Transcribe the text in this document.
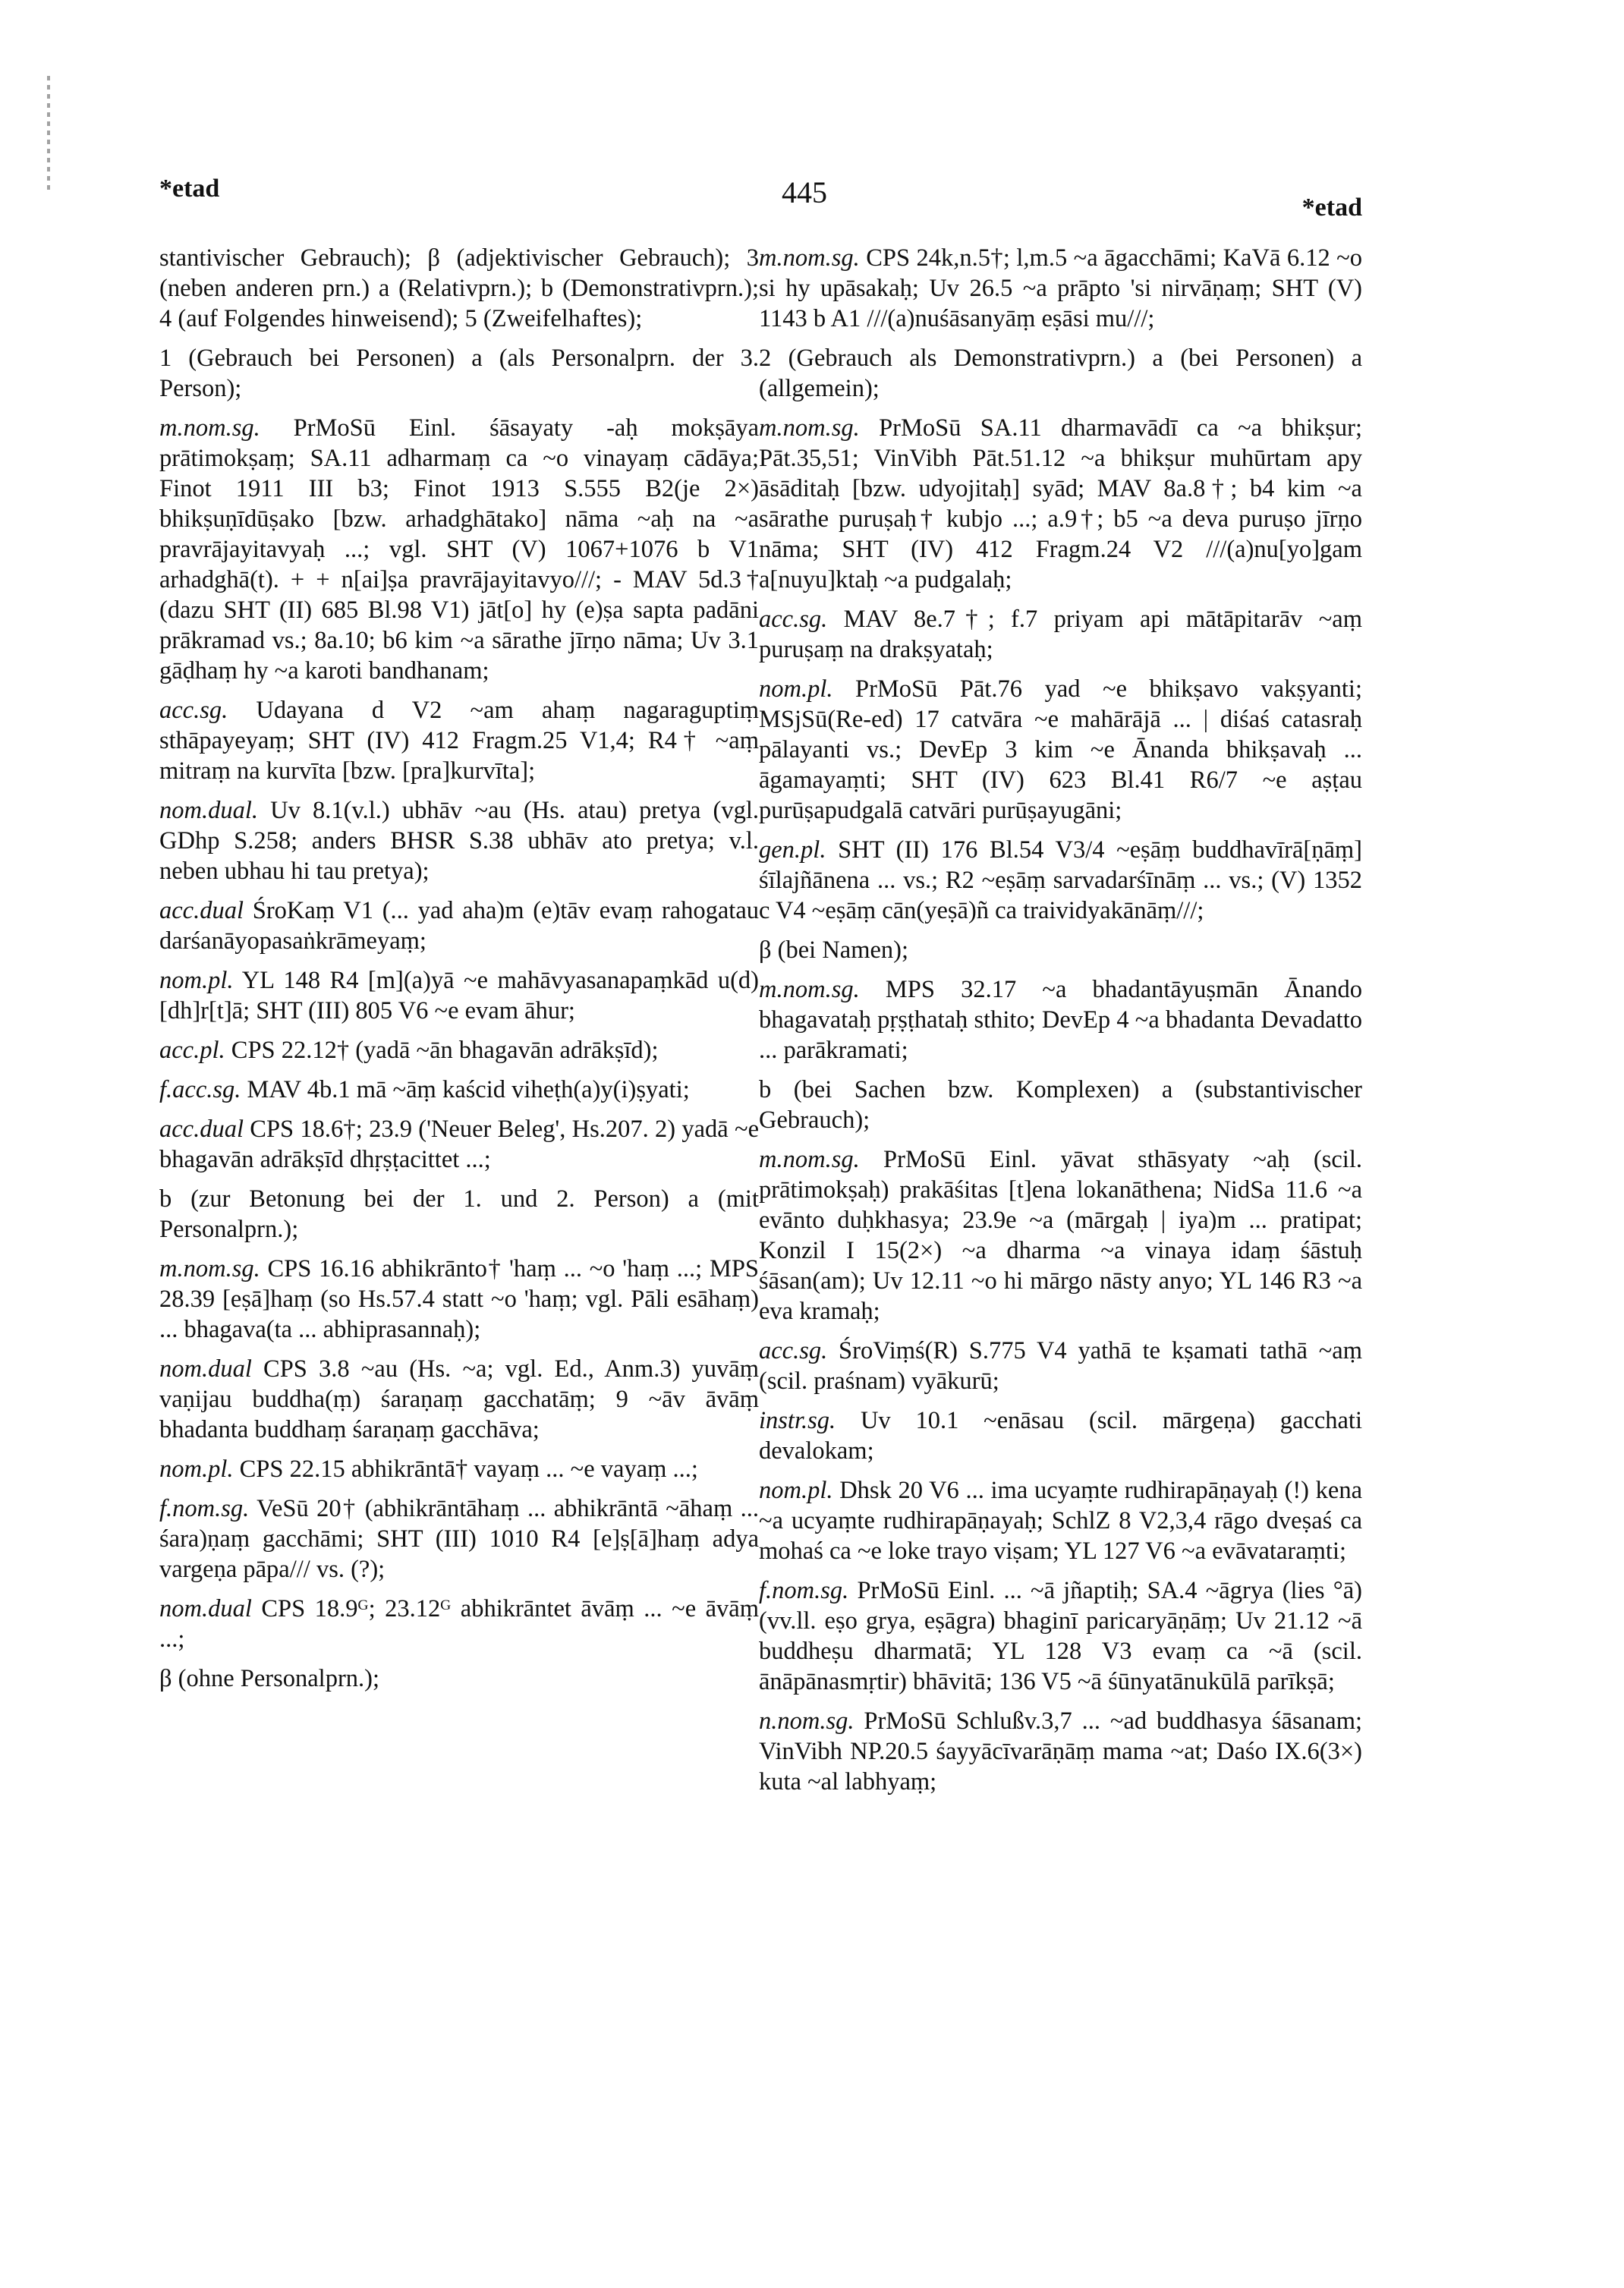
*etad	445	*etad

stantivischer Gebrauch); β (adjektivischer Gebrauch); 3 (neben anderen prn.) a (Relativprn.); b (Demonstrativprn.); 4 (auf Folgendes hinweisend); 5 (Zweifelhaftes);

1 (Gebrauch bei Personen) a (als Personalprn. der 3. Person);

m.nom.sg. PrMoSū Einl. śāsayaty -aḥ mokṣāya prātimokṣaṃ; SA.11 adharmaṃ ca ~o vinayaṃ cādāya; Finot 1911 III b3; Finot 1913 S.555 B2(je 2×) bhikṣuṇīdūṣako [bzw. arhadghātako] nāma ~aḥ na ~a pravrājayitavyaḥ ...; vgl. SHT (V) 1067+1076 b V1 arhadghā(t). + + n[ai]ṣa pravrājayitavyo///; - MAV 5d.3† (dazu SHT (II) 685 Bl.98 V1) jāt[o] hy (e)ṣa sapta padāni prākramad vs.; 8a.10; b6 kim ~a sārathe jīrṇo nāma; Uv 3.1 gāḍhaṃ hy ~a karoti bandhanam;

acc.sg. Udayana d V2 ~am ahaṃ nagaraguptiṃ sthāpayeyaṃ; SHT (IV) 412 Fragm.25 V1,4; R4† ~aṃ mitraṃ na kurvīta [bzw. [pra]kurvīta];

nom.dual. Uv 8.1(v.l.) ubhāv ~au (Hs. atau) pretya (vgl. GDhp S.258; anders BHSR S.38 ubhāv ato pretya; v.l. neben ubhau hi tau pretya);

acc.dual ŚroKaṃ V1 (... yad aha)m (e)tāv evaṃ rahogatau darśanāyopasaṅkrāmeyaṃ;

nom.pl. YL 148 R4 [m](a)yā ~e mahāvyasanapaṃkād u(d)[dh]r[t]ā; SHT (III) 805 V6 ~e evam āhur;

acc.pl. CPS 22.12† (yadā ~ān bhagavān adrākṣīd);

f.acc.sg. MAV 4b.1 mā ~āṃ kaścid viheṭh(a)y(i)ṣyati;

acc.dual CPS 18.6†; 23.9 ('Neuer Beleg', Hs.207. 2) yadā ~e bhagavān adrākṣīd dhṛṣṭacittet ...;

b (zur Betonung bei der 1. und 2. Person) a (mit Personalprn.);

m.nom.sg. CPS 16.16 abhikrānto† 'haṃ ... ~o 'haṃ ...; MPS 28.39 [eṣā]haṃ (so Hs.57.4 statt ~o 'haṃ; vgl. Pāli esāhaṃ) ... bhagava(ta ... abhiprasannaḥ);

nom.dual CPS 3.8 ~au (Hs. ~a; vgl. Ed., Anm.3) yuvāṃ vaṇijau buddha(ṃ) śaraṇaṃ gacchatāṃ; 9 ~āv āvāṃ bhadanta buddhaṃ śaraṇaṃ gacchāva;

nom.pl. CPS 22.15 abhikrāntā† vayaṃ ... ~e vayaṃ ...;

f.nom.sg. VeSū 20† (abhikrāntāhaṃ ... abhikrāntā ~āhaṃ ... śara)ṇaṃ gacchāmi; SHT (III) 1010 R4 [e]ṣ[ā]haṃ adya vargeṇa pāpa/// vs. (?);

nom.dual CPS 18.9ᴳ; 23.12ᴳ abhikrāntet āvāṃ ... ~e āvāṃ ...;

β (ohne Personalprn.);

m.nom.sg. CPS 24k,n.5†; l,m.5 ~a āgacchāmi; KaVā 6.12 ~o si hy upāsakaḥ; Uv 26.5 ~a prāpto 'si nirvāṇaṃ; SHT (V) 1143 b A1 ///(a)nuśāsanyāṃ eṣāsi mu///;

2 (Gebrauch als Demonstrativprn.) a (bei Personen) a (allgemein);

m.nom.sg. PrMoSū SA.11 dharmavādī ca ~a bhikṣur; Pāt.35,51; VinVibh Pāt.51.12 ~a bhikṣur muhūrtam apy āsāditaḥ [bzw. udyojitaḥ] syād; MAV 8a.8†; b4 kim ~a sārathe puruṣaḥ† kubjo ...; a.9†; b5 ~a deva puruṣo jīrṇo nāma; SHT (IV) 412 Fragm.24 V2 ///(a)nu[yo]gam a[nuyu]ktaḥ ~a pudgalaḥ;

acc.sg. MAV 8e.7†; f.7 priyam api mātāpitarāv ~aṃ puruṣaṃ na drakṣyataḥ;

nom.pl. PrMoSū Pāt.76 yad ~e bhikṣavo vakṣyanti; MSjSū(Re-ed) 17 catvāra ~e mahārājā ... | diśaś catasraḥ pālayanti vs.; DevEp 3 kim ~e Ānanda bhikṣavaḥ ... āgamayaṃti; SHT (IV) 623 Bl.41 R6/7 ~e aṣṭau purūṣapudgalā catvāri purūṣayugāni;

gen.pl. SHT (II) 176 Bl.54 V3/4 ~eṣāṃ buddhavīrā[ṇāṃ] śīlajñānena ... vs.; R2 ~eṣāṃ sarvadarśīnāṃ ... vs.; (V) 1352 c V4 ~eṣāṃ cān(yeṣā)ñ ca traividyakānāṃ///;

β (bei Namen);

m.nom.sg. MPS 32.17 ~a bhadantāyuṣmān Ānando bhagavataḥ pṛṣṭhataḥ sthito; DevEp 4 ~a bhadanta Devadatto ... parākramati;

b (bei Sachen bzw. Komplexen) a (substantivischer Gebrauch);

m.nom.sg. PrMoSū Einl. yāvat sthāsyaty ~aḥ (scil. prātimokṣaḥ) prakāśitas [t]ena lokanāthena; NidSa 11.6 ~a evānto duḥkhasya; 23.9e ~a (mārgaḥ | iya)m ... pratipat; Konzil I 15(2×) ~a dharma ~a vinaya idaṃ śāstuḥ śāsan(am); Uv 12.11 ~o hi mārgo nāsty anyo; YL 146 R3 ~a eva kramaḥ;

acc.sg. ŚroViṃś(R) S.775 V4 yathā te kṣamati tathā ~aṃ (scil. praśnam) vyākurū;

instr.sg. Uv 10.1 ~enāsau (scil. mārgeṇa) gacchati devalokam;

nom.pl. Dhsk 20 V6 ... ima ucyaṃte rudhirapāṇayaḥ (!) kena ~a ucyaṃte rudhirapāṇayaḥ; SchlZ 8 V2,3,4 rāgo dveṣaś ca mohaś ca ~e loke trayo viṣam; YL 127 V6 ~a evāvataraṃti;

f.nom.sg. PrMoSū Einl. ... ~ā jñaptiḥ; SA.4 ~āgrya (lies °ā) (vv.ll. eṣo grya, eṣāgra) bhaginī paricaryāṇāṃ; Uv 21.12 ~ā buddheṣu dharmatā; YL 128 V3 evaṃ ca ~ā (scil. ānāpānasmṛtir) bhāvitā; 136 V5 ~ā śūnyatānukūlā parīkṣā;

n.nom.sg. PrMoSū Schlußv.3,7 ... ~ad buddhasya śāsanam; VinVibh NP.20.5 śayyācīvarāṇāṃ mama ~at; Daśo IX.6(3×) kuta ~al labhyaṃ;
